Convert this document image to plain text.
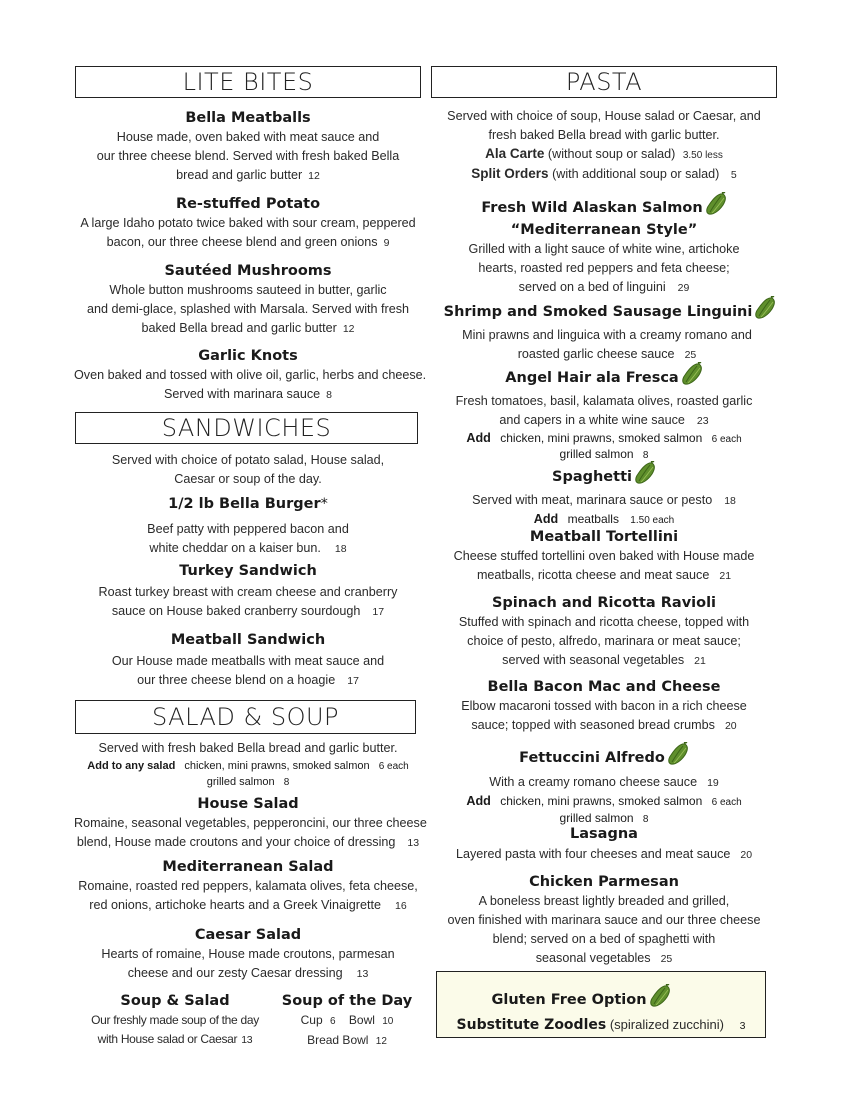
LITE BITES
Bella Meatballs
House made, oven baked with meat sauce and
our three cheese blend. Served with fresh baked Bella
bread and garlic butter 12
Re-stuffed Potato
A large Idaho potato twice baked with sour cream, peppered
bacon, our three cheese blend and green onions 9
Sautéed Mushrooms
Whole button mushrooms sauteed in butter, garlic
and demi-glace, splashed with Marsala. Served with fresh
baked Bella bread and garlic butter 12
Garlic Knots
Oven baked and tossed with olive oil, garlic, herbs and cheese.
Served with marinara sauce 8
SANDWICHES
Served with choice of potato salad, House salad,
Caesar or soup of the day.
1/2 lb Bella Burger*
Beef patty with peppered bacon and
white cheddar on a kaiser bun. 18
Turkey Sandwich
Roast turkey breast with cream cheese and cranberry
sauce on House baked cranberry sourdough 17
Meatball Sandwich
Our House made meatballs with meat sauce and
our three cheese blend on a hoagie 17
SALAD & SOUP
Served with fresh baked Bella bread and garlic butter.
Add to any salad chicken, mini prawns, smoked salmon 6 each
grilled salmon 8
House Salad
Romaine, seasonal vegetables, pepperoncini, our three cheese
blend, House made croutons and your choice of dressing 13
Mediterranean Salad
Romaine, roasted red peppers, kalamata olives, feta cheese,
red onions, artichoke hearts and a Greek Vinaigrette 16
Caesar Salad
Hearts of romaine, House made croutons, parmesan
cheese and our zesty Caesar dressing 13
Soup & Salad
Our freshly made soup of the day
with House salad or Caesar 13
Soup of the Day
Cup 6 Bowl 10
Bread Bowl 12
PASTA
Served with choice of soup, House salad or Caesar, and
fresh baked Bella bread with garlic butter.
Ala Carte (without soup or salad) 3.50 less
Split Orders (with additional soup or salad) 5
Fresh Wild Alaskan Salmon
“Mediterranean Style”
Grilled with a light sauce of white wine, artichoke
hearts, roasted red peppers and feta cheese;
served on a bed of linguini 29
Shrimp and Smoked Sausage Linguini
Mini prawns and linguica with a creamy romano and
roasted garlic cheese sauce 25
Angel Hair ala Fresca
Fresh tomatoes, basil, kalamata olives, roasted garlic
and capers in a white wine sauce 23
Add chicken, mini prawns, smoked salmon 6 each
grilled salmon 8
Spaghetti
Served with meat, marinara sauce or pesto 18
Add meatballs 1.50 each
Meatball Tortellini
Cheese stuffed tortellini oven baked with House made
meatballs, ricotta cheese and meat sauce 21
Spinach and Ricotta Ravioli
Stuffed with spinach and ricotta cheese, topped with
choice of pesto, alfredo, marinara or meat sauce;
served with seasonal vegetables 21
Bella Bacon Mac and Cheese
Elbow macaroni tossed with bacon in a rich cheese
sauce; topped with seasoned bread crumbs 20
Fettuccini Alfredo
With a creamy romano cheese sauce 19
Add chicken, mini prawns, smoked salmon 6 each
grilled salmon 8
Lasagna
Layered pasta with four cheeses and meat sauce 20
Chicken Parmesan
A boneless breast lightly breaded and grilled,
oven finished with marinara sauce and our three cheese
blend; served on a bed of spaghetti with
seasonal vegetables 25
Gluten Free Option
Substitute Zoodles (spiralized zucchini) 3
